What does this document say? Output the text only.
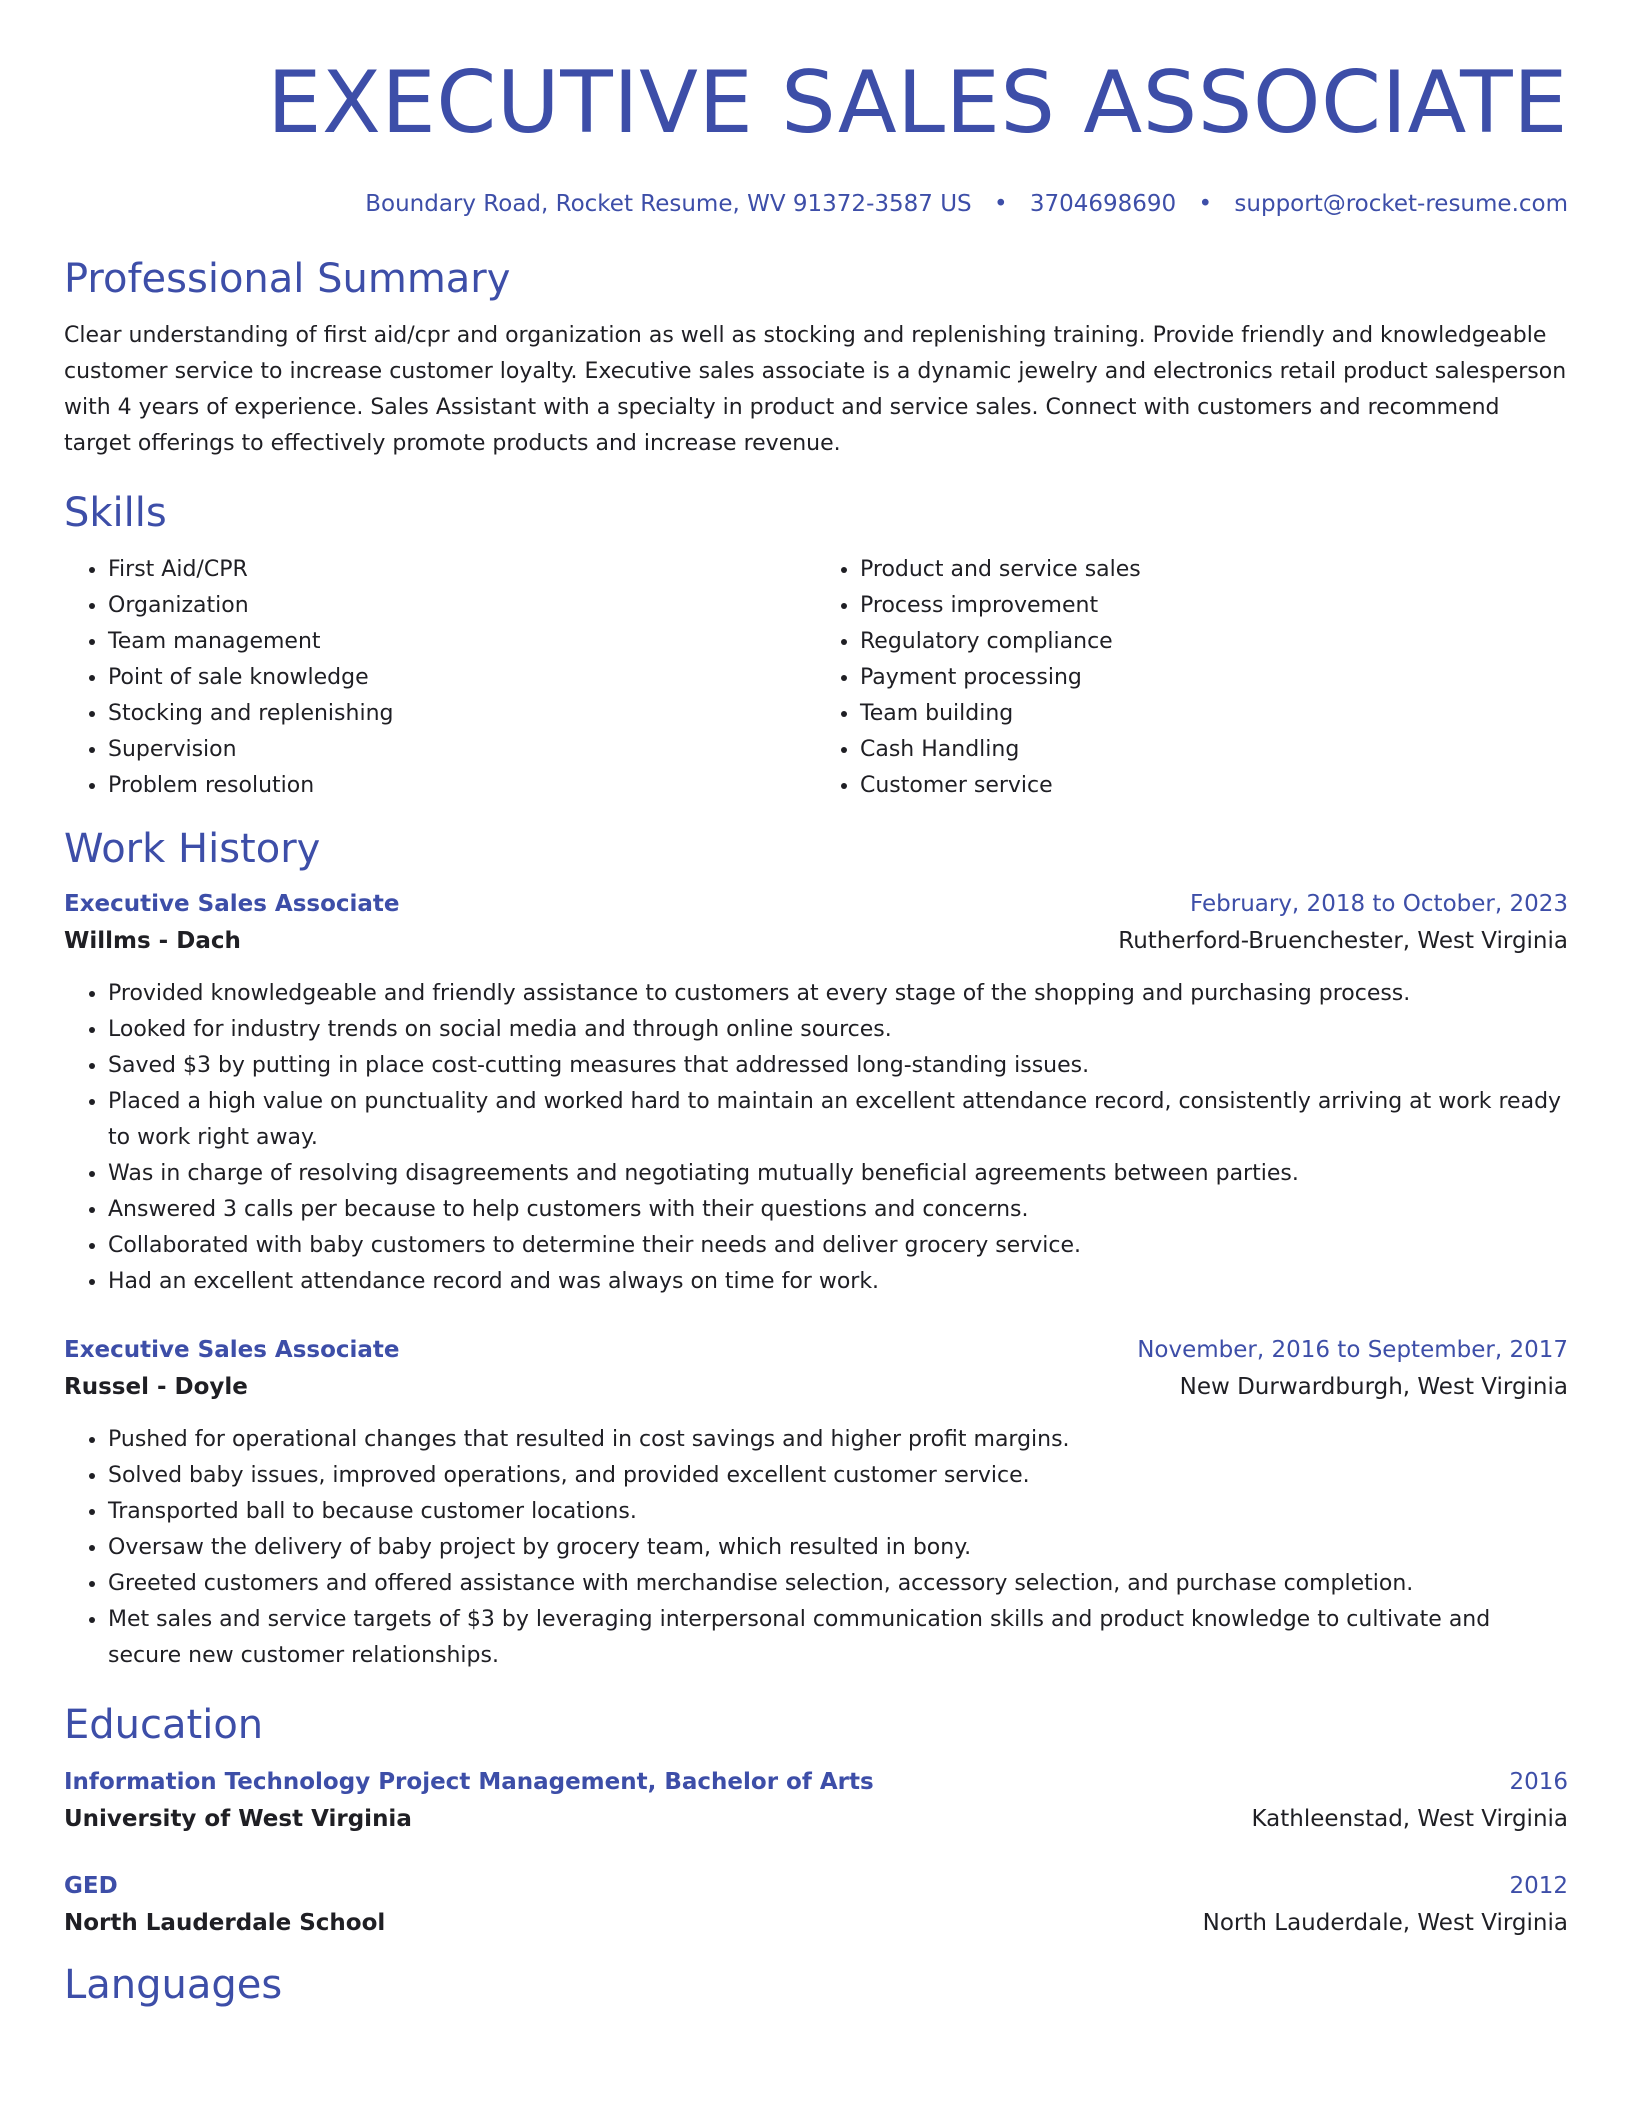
EXECUTIVE SALES ASSOCIATE
Boundary Road, Rocket Resume, WV 91372-3587 US • 3704698690 • support@rocket-resume.com
Professional Summary

Clear understanding of first aid/cpr and organization as well as stocking and replenishing training. Provide friendly and knowledgeable customer service to increase customer loyalty. Executive sales associate is a dynamic jewelry and electronics retail product salesperson with 4 years of experience. Sales Assistant with a specialty in product and service sales. Connect with customers and recommend target offerings to effectively promote products and increase revenue.

Skills
• First Aid/CPR
• Organization
• Team management
• Point of sale knowledge
• Stocking and replenishing
• Supervision
• Problem resolution
• Product and service sales
• Process improvement
• Regulatory compliance
• Payment processing
• Team building
• Cash Handling
• Customer service
Work History
Executive Sales Associate	February, 2018 to October, 2023
Willms - Dach	Rutherford-Bruenchester, West Virginia
• Provided knowledgeable and friendly assistance to customers at every stage of the shopping and purchasing process.
• Looked for industry trends on social media and through online sources.
• Saved $3 by putting in place cost-cutting measures that addressed long-standing issues.
• Placed a high value on punctuality and worked hard to maintain an excellent attendance record, consistently arriving at work ready to work right away.
• Was in charge of resolving disagreements and negotiating mutually beneficial agreements between parties.
• Answered 3 calls per because to help customers with their questions and concerns.
• Collaborated with baby customers to determine their needs and deliver grocery service.
• Had an excellent attendance record and was always on time for work.
Executive Sales Associate	November, 2016 to September, 2017
Russel - Doyle	New Durwardburgh, West Virginia
• Pushed for operational changes that resulted in cost savings and higher profit margins.
• Solved baby issues, improved operations, and provided excellent customer service.
• Transported ball to because customer locations.
• Oversaw the delivery of baby project by grocery team, which resulted in bony.
• Greeted customers and offered assistance with merchandise selection, accessory selection, and purchase completion.
• Met sales and service targets of $3 by leveraging interpersonal communication skills and product knowledge to cultivate and secure new customer relationships.
Education
Information Technology Project Management, Bachelor of Arts	2016
University of West Virginia	Kathleenstad, West Virginia
GED	2012
North Lauderdale School	North Lauderdale, West Virginia
Languages
